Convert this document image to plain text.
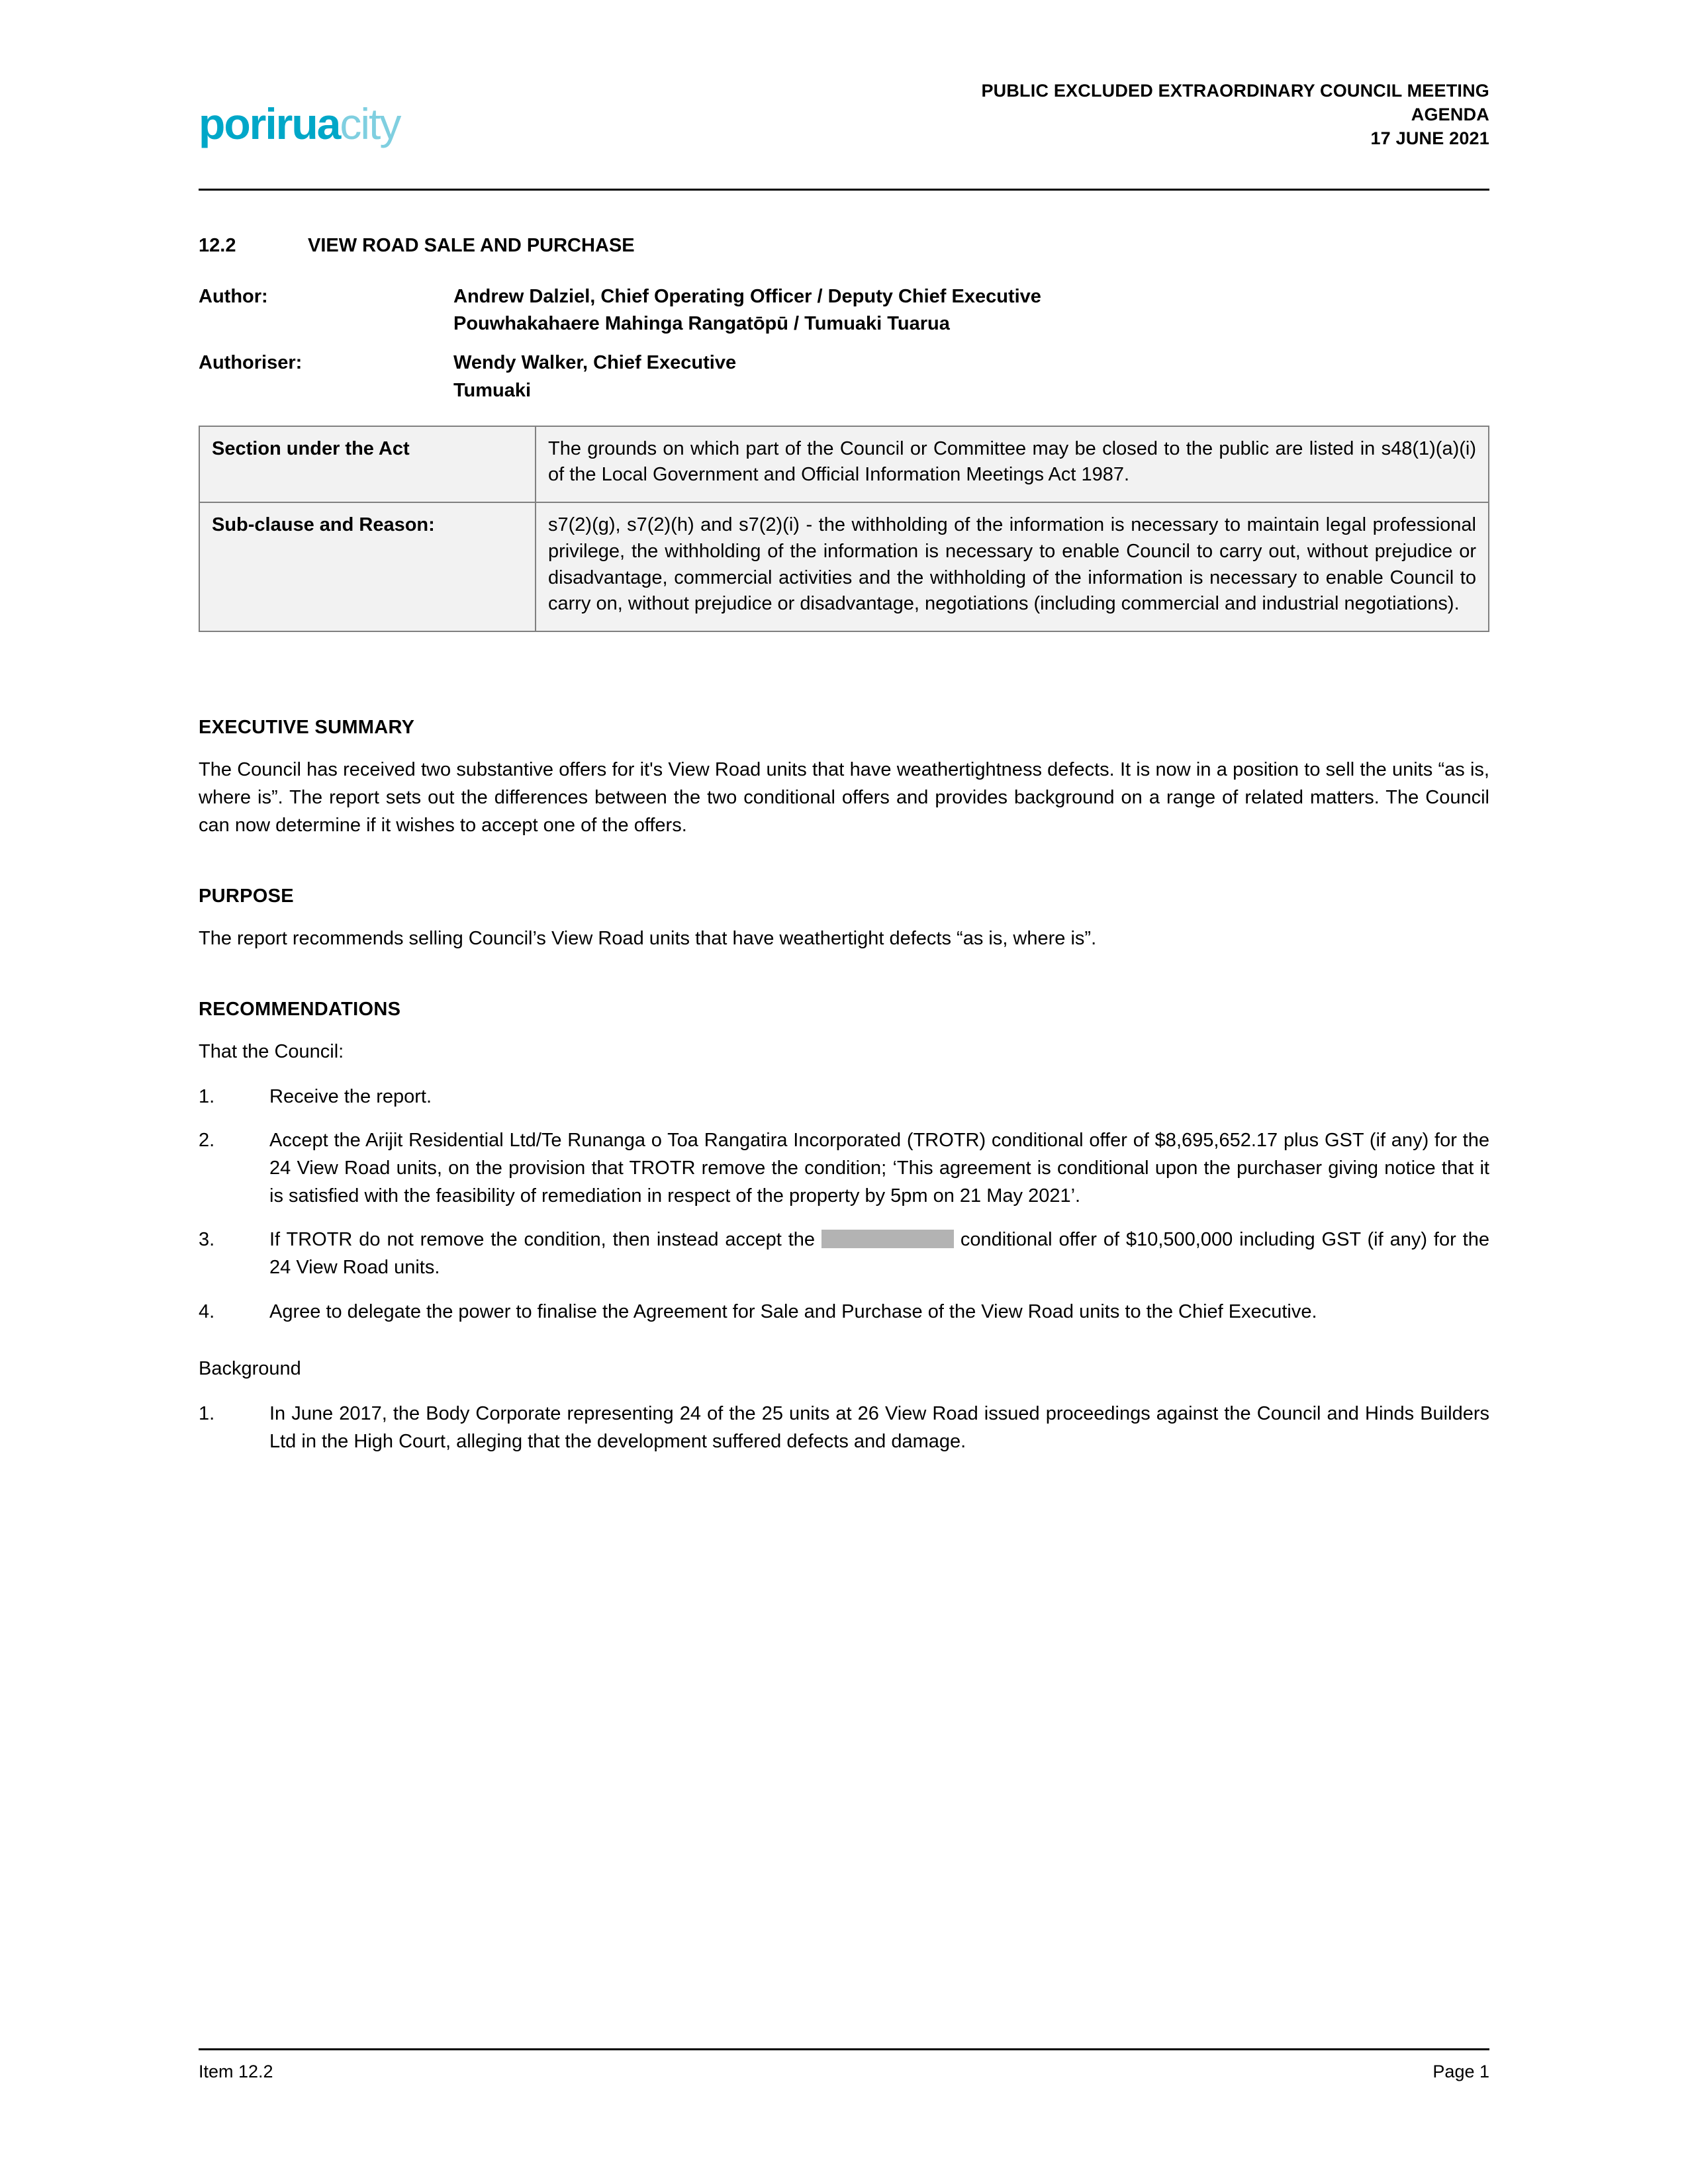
poriruacity
PUBLIC EXCLUDED EXTRAORDINARY COUNCIL MEETING
AGENDA
17 JUNE 2021
12.2	VIEW ROAD SALE AND PURCHASE
Author:	Andrew Dalziel, Chief Operating Officer / Deputy Chief Executive
Pouwhakahaere Mahinga Rangatōpū / Tumuaki Tuarua
Authoriser:	Wendy Walker, Chief Executive
Tumuaki
Section under the Act	The grounds on which part of the Council or Committee may be closed to the public are listed in s48(1)(a)(i) of the Local Government and Official Information Meetings Act 1987.
Sub-clause and Reason:	s7(2)(g), s7(2)(h) and s7(2)(i) - the withholding of the information is necessary to maintain legal professional privilege, the withholding of the information is necessary to enable Council to carry out, without prejudice or disadvantage, commercial activities and the withholding of the information is necessary to enable Council to carry on, without prejudice or disadvantage, negotiations (including commercial and industrial negotiations).
EXECUTIVE SUMMARY

The Council has received two substantive offers for it's View Road units that have weathertightness defects. It is now in a position to sell the units “as is, where is”. The report sets out the differences between the two conditional offers and provides background on a range of related matters. The Council can now determine if it wishes to accept one of the offers.

PURPOSE

The report recommends selling Council’s View Road units that have weathertight defects “as is, where is”.

RECOMMENDATIONS

That the Council:

1.	Receive the report.
2.	Accept the Arijit Residential Ltd/Te Runanga o Toa Rangatira Incorporated (TROTR) conditional offer of $8,695,652.17 plus GST (if any) for the 24 View Road units, on the provision that TROTR remove the condition; ‘This agreement is conditional upon the purchaser giving notice that it is satisfied with the feasibility of remediation in respect of the property by 5pm on 21 May 2021’.
3.	If TROTR do not remove the condition, then instead accept the	conditional offer of $10,500,000 including GST (if any) for the 24 View Road units.
4.	Agree to delegate the power to finalise the Agreement for Sale and Purchase of the View Road units to the Chief Executive.

Background

1.	In June 2017, the Body Corporate representing 24 of the 25 units at 26 View Road issued proceedings against the Council and Hinds Builders Ltd in the High Court, alleging that the development suffered defects and damage.
Item 12.2	Page 1
